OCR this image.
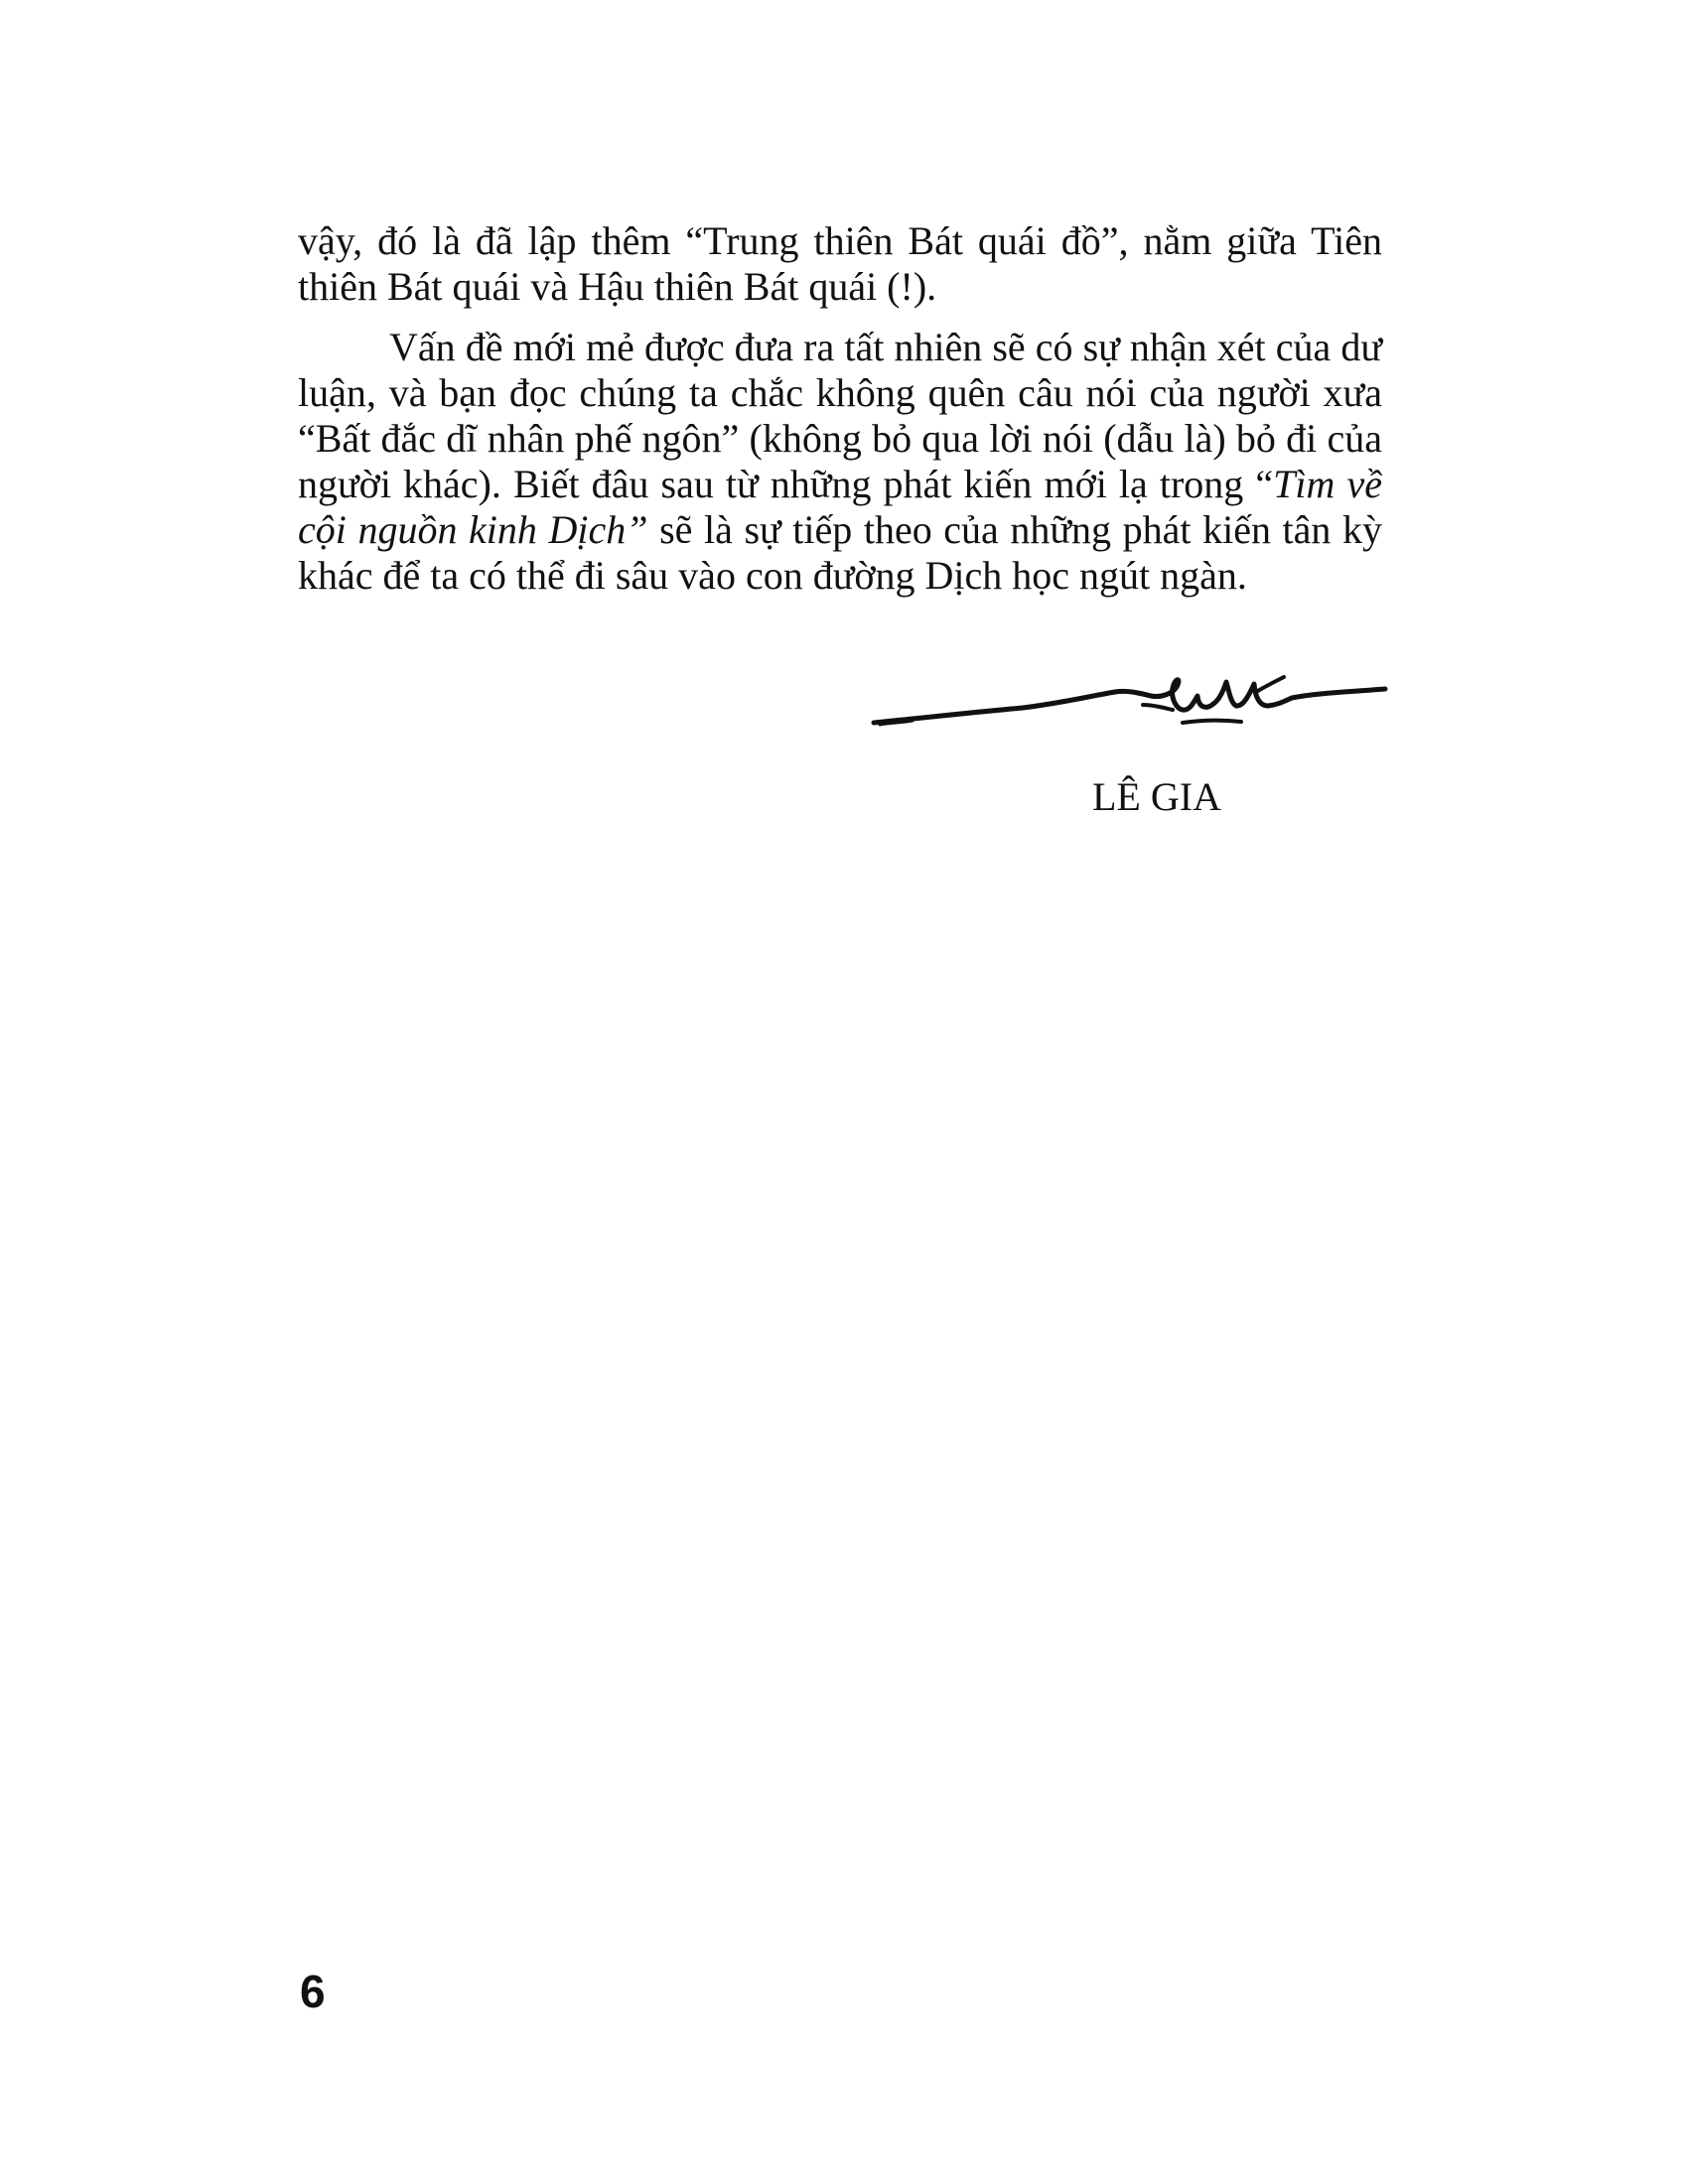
vậy, đó là đã lập thêm “Trung thiên Bát quái đồ”, nằm giữa Tiên thiên Bát quái và Hậu thiên Bát quái (!).

Vấn đề mới mẻ được đưa ra tất nhiên sẽ có sự nhận xét của dư luận, và bạn đọc chúng ta chắc không quên câu nói của người xưa “Bất đắc dĩ nhân phế ngôn” (không bỏ qua lời nói (dẫu là) bỏ đi của người khác). Biết đâu sau từ những phát kiến mới lạ trong “Tìm về cội nguồn kinh Dịch” sẽ là sự tiếp theo của những phát kiến tân kỳ khác để ta có thể đi sâu vào con đường Dịch học ngút ngàn.

LÊ GIA
6
